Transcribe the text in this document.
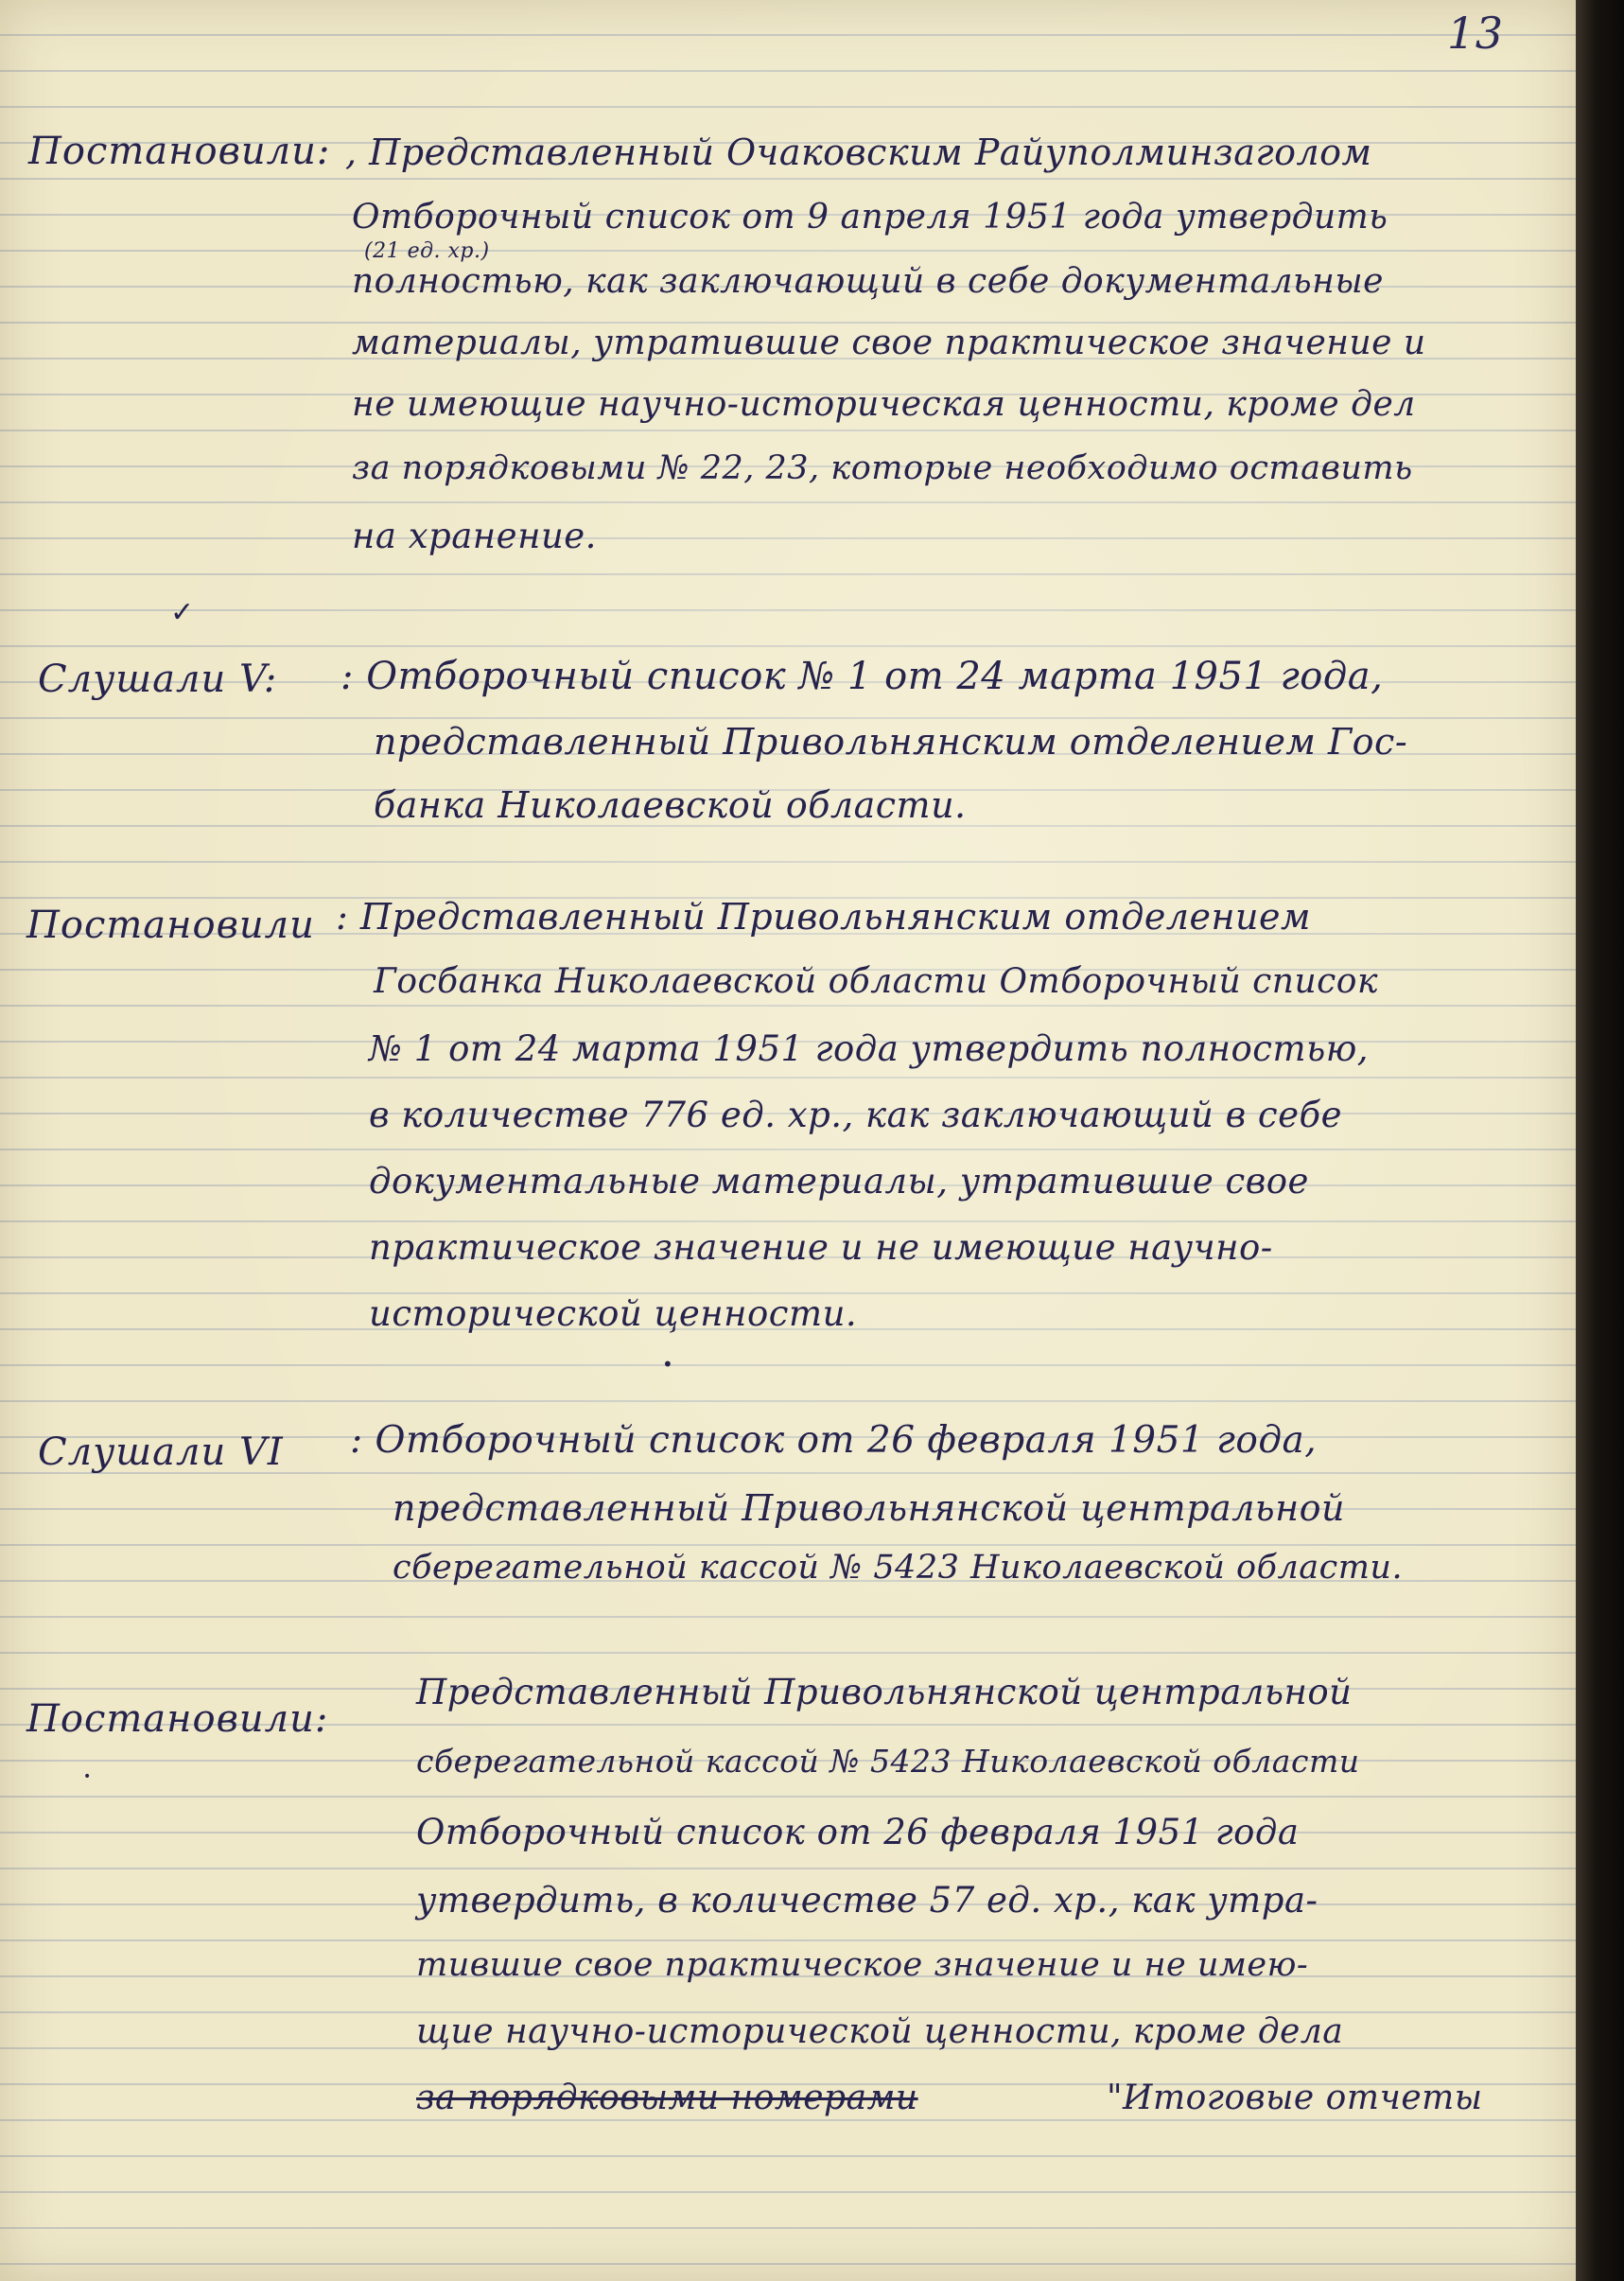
13
Постановили: , Представленный Очаковским Райуполминзаголом
Отборочный список от 9 апреля 1951 года утвердить
(21 ед. хр.)
полностью, как заключающий в себе документальные
материалы, утратившие свое практическое значение и
не имеющие научно-историческая ценности, кроме дел
за порядковыми № 22, 23, которые необходимо оставить
на хранение.
✓
Слушали V: : Отборочный список № 1 от 24 марта 1951 года,
представленный Привольнянским отделением Гос-
банка Николаевской области.
Постановили : Представленный Привольнянским отделением
Госбанка Николаевской области Отборочный список
№ 1 от 24 марта 1951 года утвердить полностью,
в количестве 776 ед. хр., как заключающий в себе
документальные материалы, утратившие свое
практическое значение и не имеющие научно-
исторической ценности.
Слушали VI : Отборочный список от 26 февраля 1951 года,
представленный Привольнянской центральной
сберегательной кассой № 5423 Николаевской области.
Постановили:
Представленный Привольнянской центральной
сберегательной кассой № 5423 Николаевской области
Отборочный список от 26 февраля 1951 года
утвердить, в количестве 57 ед. хр., как утра-
тившие свое практическое значение и не имею-
щие научно-исторической ценности, кроме дела
за порядковыми номерами	"Итоговые отчеты
•
•
